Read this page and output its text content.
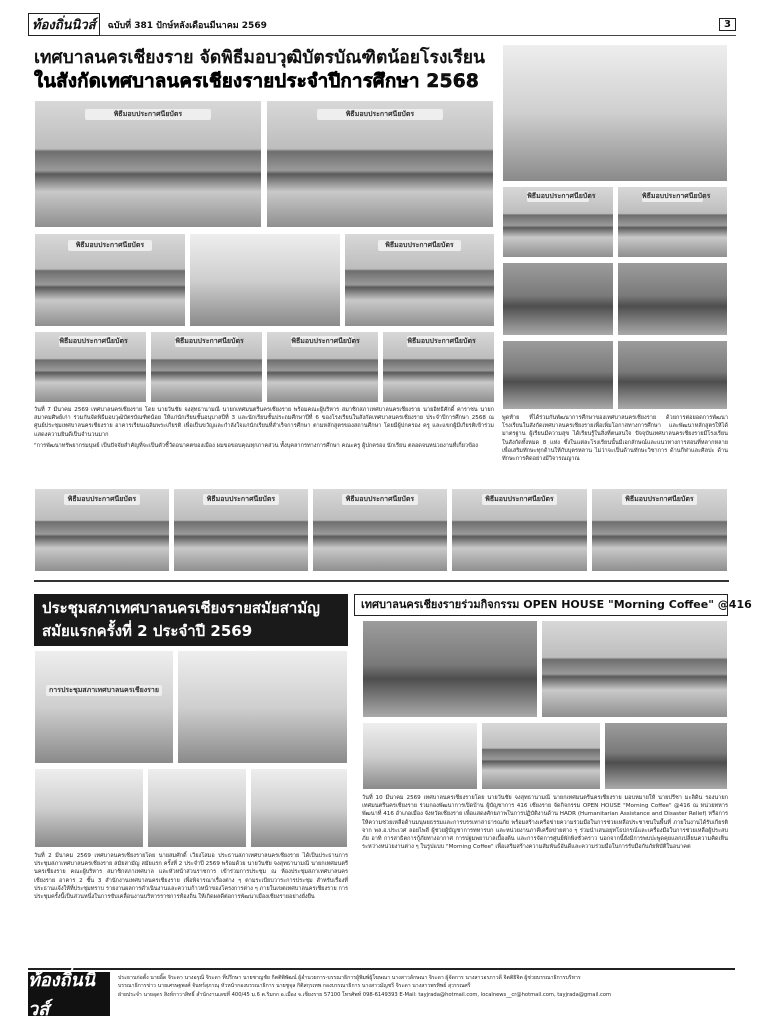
ท้องถิ่นนิวส์	ฉบับที่ 381 ปักษ์หลังเดือนมีนาคม 2569	3
เทศบาลนครเชียงราย จัดพิธีมอบวุฒิบัตรบัณฑิตน้อยโรงเรียน
ในสังกัดเทศบาลนครเชียงรายประจำปีการศึกษา 2568
พิธีมอบประกาศนียบัตร	พิธีมอบประกาศนียบัตร
พิธีมอบประกาศนียบัตร	พิธีมอบประกาศนียบัตร
พิธีมอบประกาศนียบัตร	พิธีมอบประกาศนียบัตร	พิธีมอบประกาศนียบัตร	พิธีมอบประกาศนียบัตร
พิธีมอบประกาศนียบัตร	พิธีมอบประกาศนียบัตร

วันที่ 7 มีนาคม 2569 เทศบาลนครเชียงราย โดย นายวันชัย จงสุทธานามณี นายกเทศมนตรีนครเชียงราย พร้อมคณะผู้บริหาร สมาชิกสภาเทศบาลนครเชียงราย นายอิทธิศักดิ์ คาราชน นายกสมาคมศิษย์เก่า ร่วมกันจัดพิธีมอบวุฒิบัตรบัณฑิตน้อย ให้แก่นักเรียนชั้นอนุบาลปีที่ 3 และนักเรียนชั้นประถมศึกษาปีที่ 6 ของโรงเรียนในสังกัดเทศบาลนครเชียงราย ประจำปีการศึกษา 2568 ณ ศูนย์ประชุมเทศบาลนครเชียงราย อาคารเรียนเฉลิมพระเกียรติ เพื่อเป็นขวัญและกำลังใจแก่นักเรียนที่สำเร็จการศึกษา ตามหลักสูตรของสถานศึกษา โดยมีผู้ปกครอง ครู และแขกผู้มีเกียรติเข้าร่วมแสดงความยินดีเป็นจำนวนมาก

"การพัฒนาทรัพยากรมนุษย์ เป็นปัจจัยสำคัญที่จะเป็นตัวชี้วัดอนาคตของเมือง ผมขอขอบคุณทุกภาคส่วน ทั้งบุคลากรทางการศึกษา คณะครู ผู้ปกครอง นักเรียน ตลอดจนหน่วยงานที่เกี่ยวข้อง

พูดท้าย ที่ได้ร่วมกันพัฒนาการศึกษาของเทศบาลนครเชียงราย ด้วยการต่อยอดการพัฒนาโรงเรียนในสังกัดเทศบาลนครเชียงรายเพื่อเพิ่มโอกาสทางการศึกษา และพัฒนาหลักสูตรให้ได้มาตรฐาน ผู้เรียนมีความสุข ได้เรียนรู้ในสิ่งที่ตนสนใจ ปัจจุบันเทศบาลนครเชียงรายมีโรงเรียนในสังกัดทั้งหมด 8 แห่ง ซึ่งในแต่ละโรงเรียนนั้นมีเอกลักษณ์และแนวทางการสอนที่หลากหลาย เพื่อเสริมทักษะทุกด้านให้กับบุตรหลาน ไม่ว่าจะเป็นด้านทักษะวิชาการ ด้านกีฬาและศิลปะ ด้านทักษะการคิดอย่างมีวิจารณญาณ

พิธีมอบประกาศนียบัตร	พิธีมอบประกาศนียบัตร	พิธีมอบประกาศนียบัตร	พิธีมอบประกาศนียบัตร	พิธีมอบประกาศนียบัตร
ประชุมสภาเทศบาลนครเชียงรายสมัยสามัญ
สมัยแรกครั้งที่ 2 ประจำปี 2569
การประชุมสภาเทศบาลนครเชียงราย

วันที่ 2 มีนาคม 2569 เทศบาลนครเชียงรายโดย นายสมศักดิ์ เวียงโสมอ ประธานสภาเทศบาลนครเชียงราย ได้เป็นประธานการประชุมสภาเทศบาลนครเชียงราย สมัยสามัญ สมัยแรก ครั้งที่ 2 ประจำปี 2569 พร้อมด้วย นายวันชัย จงสุทธานามณี นายกเทศมนตรีนครเชียงราย คณะผู้บริหาร สมาชิกสภาเทศบาล และหัวหน้าส่วนราชการ เข้าร่วมการประชุม ณ ห้องประชุมสภาเทศบาลนครเชียงราย อาคาร 2 ชั้น 3 สำนักงานเทศบาลนครเชียงราย เพื่อพิจารณาเรื่องต่าง ๆ ตามระเบียบวาระการประชุม สำหรับเรื่องที่ประธานแจ้งให้ที่ประชุมทราบ รายงานผลการดำเนินงานและความก้าวหน้าของโครงการต่าง ๆ ภายในเขตเทศบาลนครเชียงราย การประชุมครั้งนี้เป็นส่วนหนึ่งในการขับเคลื่อนงานบริหารราชการท้องถิ่น ให้เกิดผลดีต่อการพัฒนาเมืองเชียงรายอย่างยั่งยืน

เทศบาลนครเชียงรายร่วมกิจกรรม OPEN HOUSE "Morning Coffee" @416

วันที่ 10 มีนาคม 2569 เทศบาลนครเชียงรายโดย นายวันชัย จงสุทธานามณี นายกเทศมนตรีนครเชียงราย มอบหมายให้ นายปรีชา มะลิดิน รองนายกเทศมนตรีนครเชียงราย ร่วมกองพัฒนาการเปิดบ้าน ผู้บัญชาการ 416 เชียงราย จัดกิจกรรม OPEN HOUSE "Morning Coffee" @416 ณ หน่วยทหารพัฒนาที่ 416 อำเภอเมือง จังหวัดเชียงราย เพื่อแสดงศักยภาพในการปฏิบัติงานด้าน HADR (Humanitarian Assistance and Disaster Relief) หรือการให้ความช่วยเหลือด้านมนุษยธรรมและการบรรเทาสาธารณภัย พร้อมสร้างเครือข่ายความร่วมมือในการช่วยเหลือประชาชนในพื้นที่ ภายในงานได้รับเกียรติจาก พล.อ.ประเวศ ลอยไพลี ผู้ช่วยผู้บัญชาการทหารบก และหน่วยงานภาคีเครือข่ายต่าง ๆ ร่วมนำเสนอยุทโธปกรณ์และเครื่องมือในการช่วยเหลือผู้ประสบภัย อาทิ การสาธิตการกู้ภัยทางอากาศ การปฐมพยาบาลเบื้องต้น และการจัดการศูนย์พักพิงชั่วคราว นอกจากนี้ยังมีการพบปะพูดคุยแลกเปลี่ยนความคิดเห็นระหว่างหน่วยงานต่าง ๆ ในรูปแบบ "Morning Coffee" เพื่อเสริมสร้างความสัมพันธ์อันดีและความร่วมมือในการรับมือกับภัยพิบัติในอนาคต

ท้องถิ่นนิวส์
ประธานก่อตั้ง นายอิ๊ด จิระดา นางอรุณี จิระดา ที่ปรึกษา นายชาญชัย กิตติพิพัฒน์ ผู้อำนวยการ-บรรณาธิการผู้พิมพ์ผู้โฆษณา นางสาวลักษณา จิระดา ผู้จัดการ นางสาวอรภาวดี จิตติยิจิต ผู้ช่วยบรรณาธิการบริหาร
บรรณาธิการข่าว นายเศรษฐพงศ์ จันทร์สุภาณุ หัวหน้ากองบรรณาธิการ นายชูจุล กิติสกุรเทพ กองบรรณาธิการ นางสาวมัญชรี จิระดา นางสาวพรทิพย์ สุวรรณศรี
ฝ่ายประจำ นายอุดร สิงห์กาวาสิทธิ์ สำนักงานเลขที่ 400/45 ม.6 ต.ริมกก อ.เมือง จ.เชียงราย 57100 โทรศัพท์ 098-6149393 E-Mail: tayjrada@hotmail.com, localnews__cr@hotmail.com, tayjrada@gmail.com
